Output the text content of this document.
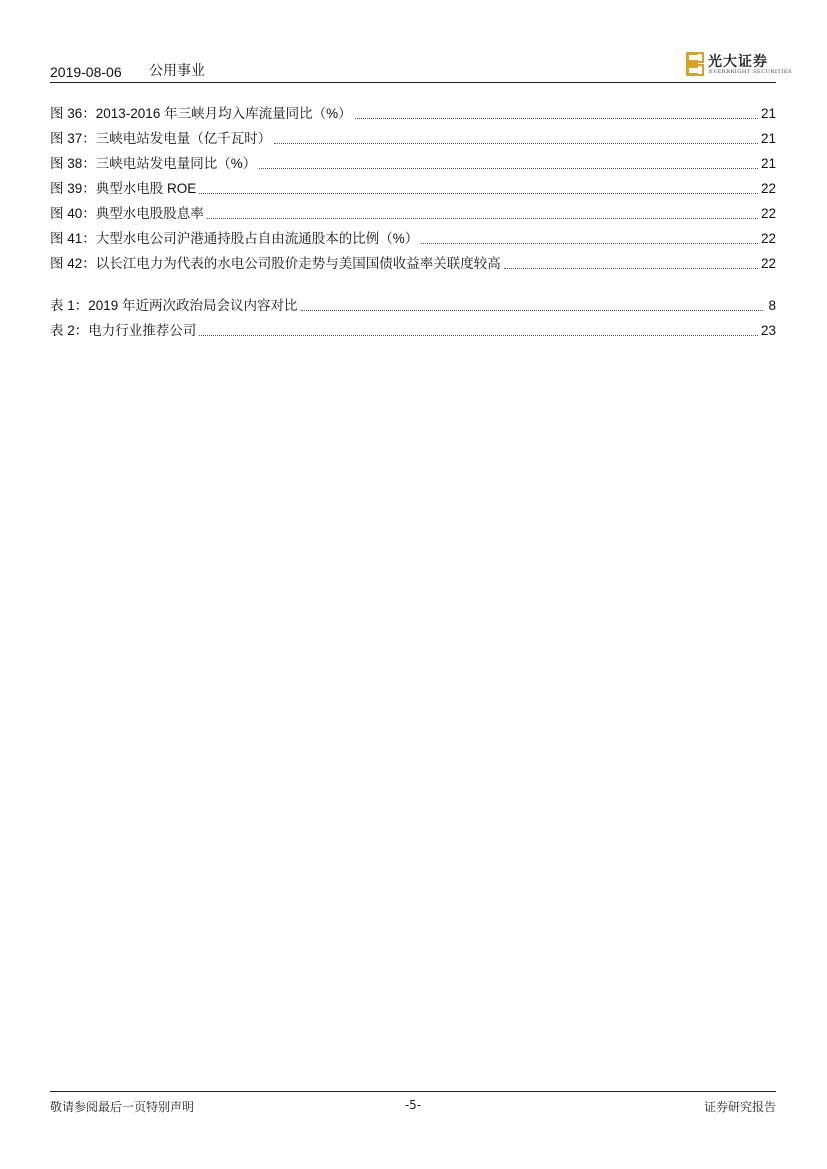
2019-08-06 公用事业	光大证券
EVERBRIGHT SECURITIES
图 36：2013-2016 年三峡月均入库流量同比（%）	21
图 37：三峡电站发电量（亿千瓦时）	21
图 38：三峡电站发电量同比（%）	21
图 39：典型水电股 ROE	22
图 40：典型水电股股息率	22
图 41：大型水电公司沪港通持股占自由流通股本的比例（%）	22
图 42：以长江电力为代表的水电公司股价走势与美国国债收益率关联度较高	22
表 1：2019 年近两次政治局会议内容对比	8
表 2：电力行业推荐公司	23
敬请参阅最后一页特别声明	-5-	证券研究报告
